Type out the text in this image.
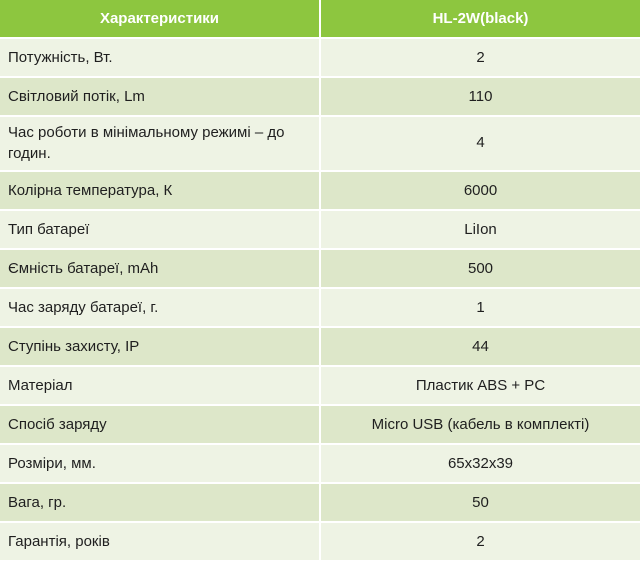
Характеристики	HL-2W(black)
Потужність, Вт.	2
Світловий потік, Lm	110
Час роботи в мінімальному режимі – до годин.	4
Колірна температура, К	6000
Тип батареї	LiIon
Ємність батареї, mAh	500
Час заряду батареї, г.	1
Ступінь захисту, IP	44
Матеріал	Пластик ABS + PC
Спосіб заряду	Micro USB (кабель в комплекті)
Розміри, мм.	65x32x39
Вага, гр.	50
Гарантія, років	2
